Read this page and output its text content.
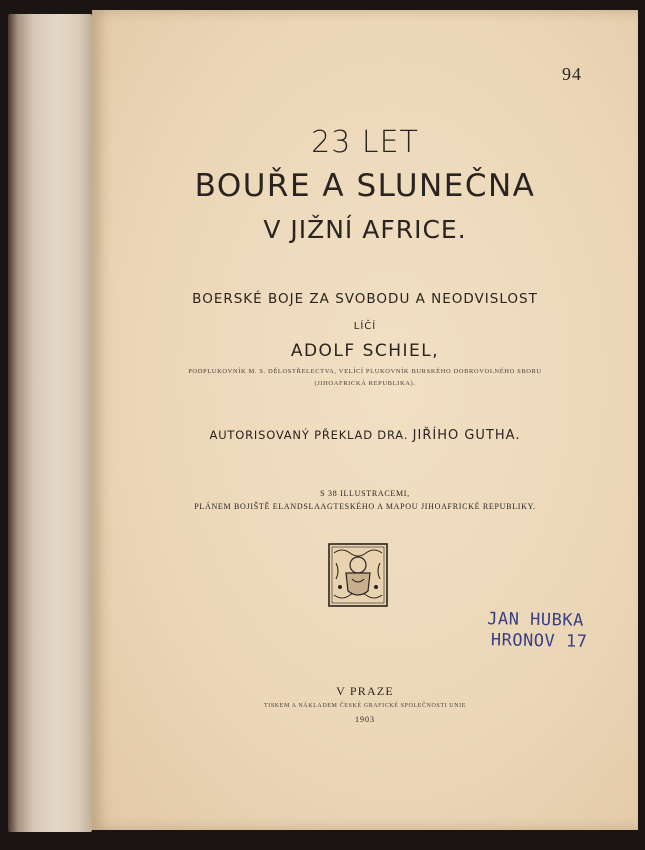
94
23 LET
BOUŘE A SLUNEČNA
V JIŽNÍ AFRICE.
BOERSKÉ BOJE ZA SVOBODU A NEODVISLOST
LÍČÍ
ADOLF SCHIEL,
PODPLUKOVNÍK M. S. DĚLOSTŘELECTVA, VELÍCÍ PLUKOVNÍK BURSKÉHO DOBROVOLNÉHO SBORU
(JIHOAFRICKÁ REPUBLIKA).
AUTORISOVANÝ PŘEKLAD DRA. JIŘÍHO GUTHA.
S 38 ILLUSTRACEMI,
PLÁNEM BOJIŠTĚ ELANDSLAAGTESKÉHO A MAPOU JIHOAFRICKÉ REPUBLIKY.
JAN HUBKA
HRONOV 17
V PRAZE
TISKEM A NÁKLADEM ČESKÉ GRAFICKÉ SPOLEČNOSTI UNIE
1903
